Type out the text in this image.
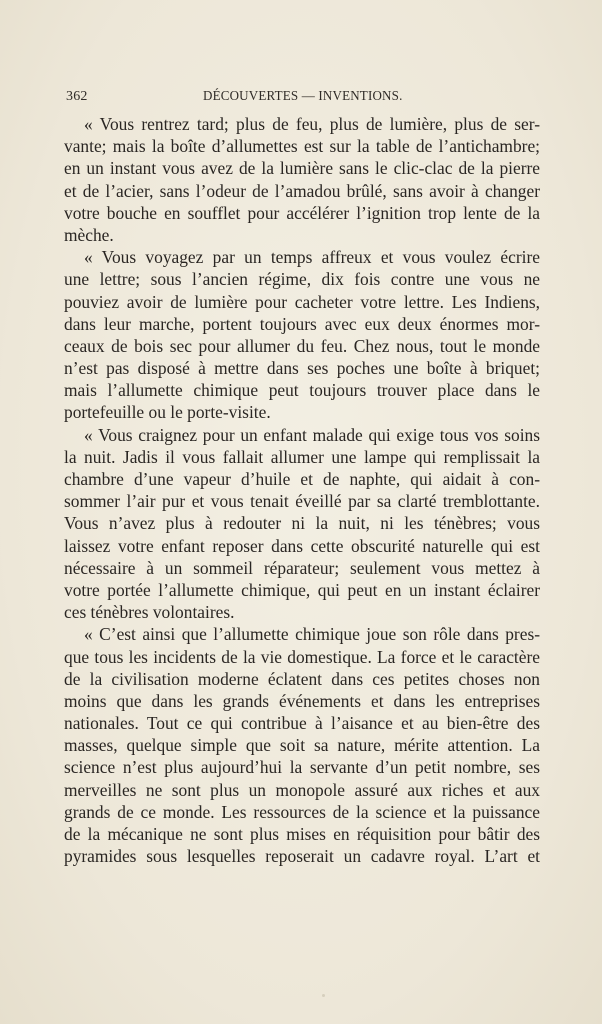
362	DÉCOUVERTES — INVENTIONS.
« Vous rentrez tard; plus de feu, plus de lumière, plus de ser-
vante; mais la boîte d’allumettes est sur la table de l’antichambre;
en un instant vous avez de la lumière sans le clic-clac de la pierre
et de l’acier, sans l’odeur de l’amadou brûlé, sans avoir à changer
votre bouche en soufflet pour accélérer l’ignition trop lente de la
mèche.
« Vous voyagez par un temps affreux et vous voulez écrire
une lettre; sous l’ancien régime, dix fois contre une vous ne
pouviez avoir de lumière pour cacheter votre lettre. Les Indiens,
dans leur marche, portent toujours avec eux deux énormes mor-
ceaux de bois sec pour allumer du feu. Chez nous, tout le monde
n’est pas disposé à mettre dans ses poches une boîte à briquet;
mais l’allumette chimique peut toujours trouver place dans le
portefeuille ou le porte-visite.
« Vous craignez pour un enfant malade qui exige tous vos soins
la nuit. Jadis il vous fallait allumer une lampe qui remplissait la
chambre d’une vapeur d’huile et de naphte, qui aidait à con-
sommer l’air pur et vous tenait éveillé par sa clarté tremblottante.
Vous n’avez plus à redouter ni la nuit, ni les ténèbres; vous
laissez votre enfant reposer dans cette obscurité naturelle qui est
nécessaire à un sommeil réparateur; seulement vous mettez à
votre portée l’allumette chimique, qui peut en un instant éclairer
ces ténèbres volontaires.
« C’est ainsi que l’allumette chimique joue son rôle dans pres-
que tous les incidents de la vie domestique. La force et le caractère
de la civilisation moderne éclatent dans ces petites choses non
moins que dans les grands événements et dans les entreprises
nationales. Tout ce qui contribue à l’aisance et au bien-être des
masses, quelque simple que soit sa nature, mérite attention. La
science n’est plus aujourd’hui la servante d’un petit nombre, ses
merveilles ne sont plus un monopole assuré aux riches et aux
grands de ce monde. Les ressources de la science et la puissance
de la mécanique ne sont plus mises en réquisition pour bâtir des
pyramides sous lesquelles reposerait un cadavre royal. L’art et
